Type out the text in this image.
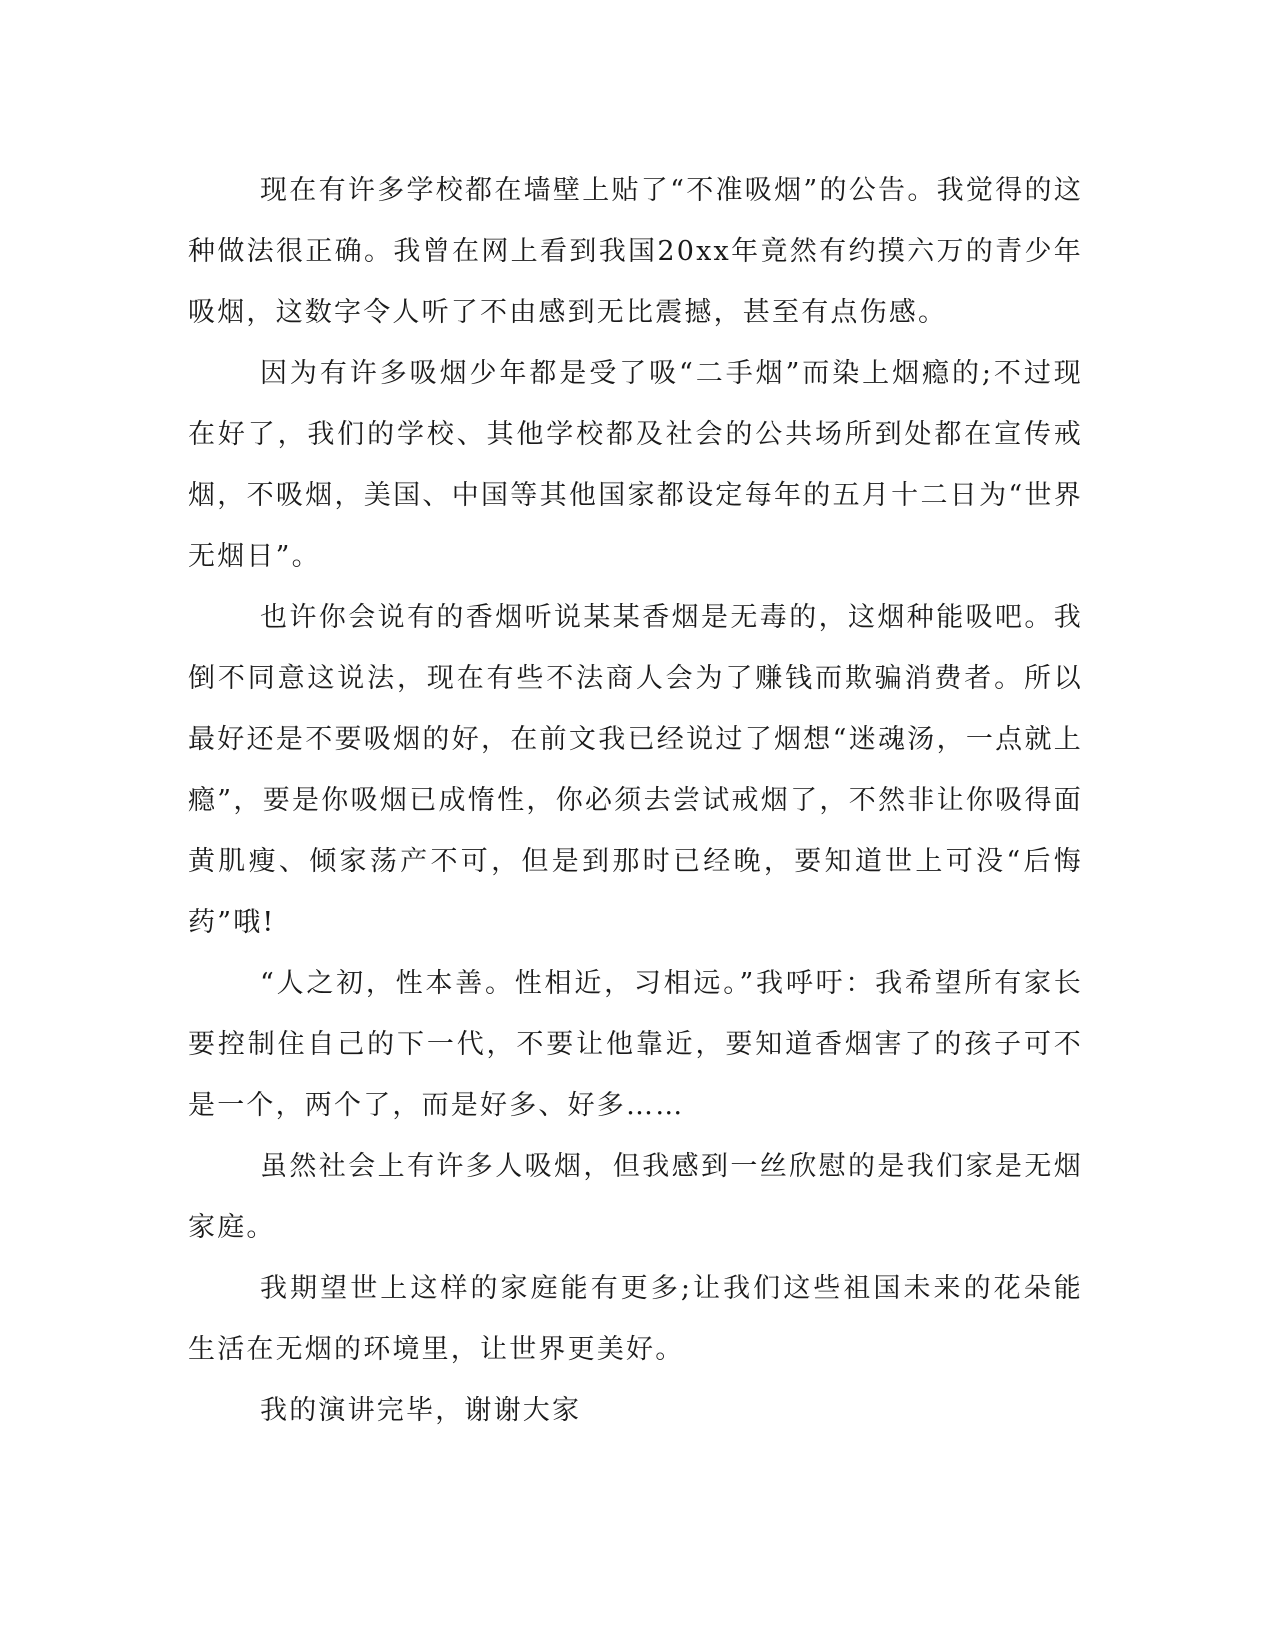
现在有许多学校都在墙壁上贴了“不准吸烟”的公告。我觉得的这种做法很正确。我曾在网上看到我国20xx年竟然有约摸六万的青少年吸烟，这数字令人听了不由感到无比震撼，甚至有点伤感。

因为有许多吸烟少年都是受了吸“二手烟”而染上烟瘾的;不过现在好了，我们的学校、其他学校都及社会的公共场所到处都在宣传戒烟，不吸烟，美国、中国等其他国家都设定每年的五月十二日为“世界无烟日”。

也许你会说有的香烟听说某某香烟是无毒的，这烟种能吸吧。我倒不同意这说法，现在有些不法商人会为了赚钱而欺骗消费者。所以最好还是不要吸烟的好，在前文我已经说过了烟想“迷魂汤，一点就上瘾”，要是你吸烟已成惰性，你必须去尝试戒烟了，不然非让你吸得面黄肌瘦、倾家荡产不可，但是到那时已经晚，要知道世上可没“后悔药”哦!

“人之初，性本善。性相近，习相远。”我呼吁：我希望所有家长要控制住自己的下一代，不要让他靠近，要知道香烟害了的孩子可不是一个，两个了，而是好多、好多……

虽然社会上有许多人吸烟，但我感到一丝欣慰的是我们家是无烟家庭。

我期望世上这样的家庭能有更多;让我们这些祖国未来的花朵能生活在无烟的环境里，让世界更美好。

我的演讲完毕，谢谢大家
